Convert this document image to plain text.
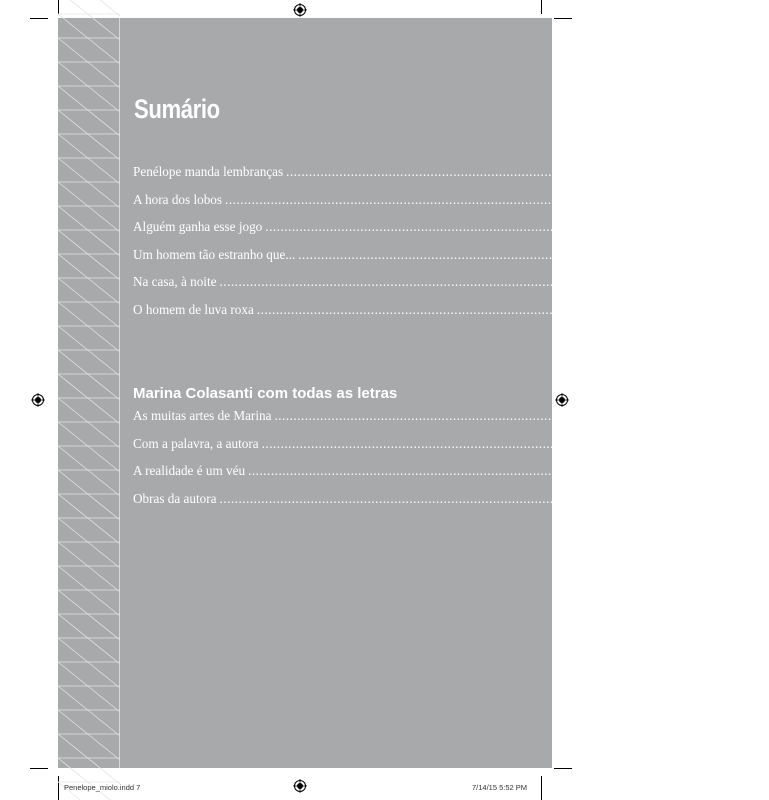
Sumário
Penélope manda lembranças ........................................................................................................................ 9
A hora dos lobos ........................................................................................................................ 28
Alguém ganha esse jogo ........................................................................................................................ 48
Um homem tão estranho que... ........................................................................................................................ 57
Na casa, à noite ........................................................................................................................ 80
O homem de luva roxa ........................................................................................................................ 94
Marina Colasanti com todas as letras
As muitas artes de Marina ........................................................................................................................ 112
Com a palavra, a autora ........................................................................................................................ 113
A realidade é um véu ........................................................................................................................ 116
Obras da autora ........................................................................................................................ 118
Penelope_miolo.indd 7	7/14/15 5:52 PM
